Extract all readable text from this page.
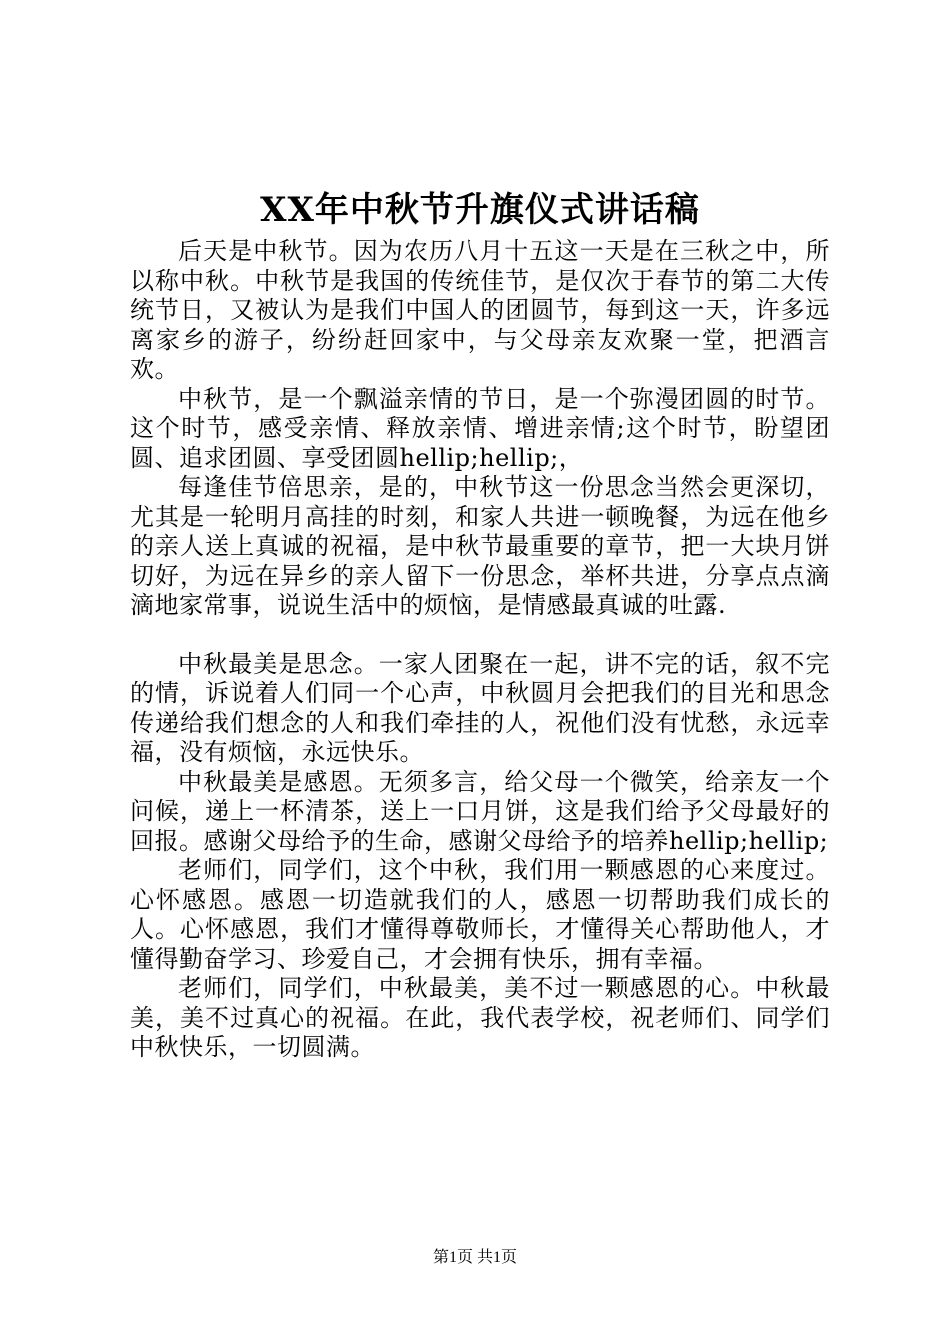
XX年中秋节升旗仪式讲话稿

后天是中秋节。因为农历八月十五这一天是在三秋之中，所以称中秋。中秋节是我国的传统佳节，是仅次于春节的第二大传统节日，又被认为是我们中国人的团圆节，每到这一天，许多远离家乡的游子，纷纷赶回家中，与父母亲友欢聚一堂，把酒言欢。

中秋节，是一个飘溢亲情的节日，是一个弥漫团圆的时节。这个时节，感受亲情、释放亲情、增进亲情;这个时节，盼望团圆、追求团圆、享受团圆hellip;hellip;，

每逢佳节倍思亲，是的，中秋节这一份思念当然会更深切，尤其是一轮明月高挂的时刻，和家人共进一顿晚餐，为远在他乡的亲人送上真诚的祝福，是中秋节最重要的章节，把一大块月饼切好，为远在异乡的亲人留下一份思念，举杯共进，分享点点滴滴地家常事，说说生活中的烦恼，是情感最真诚的吐露.

中秋最美是思念。一家人团聚在一起，讲不完的话，叙不完的情，诉说着人们同一个心声，中秋圆月会把我们的目光和思念传递给我们想念的人和我们牵挂的人，祝他们没有忧愁，永远幸福，没有烦恼，永远快乐。

中秋最美是感恩。无须多言，给父母一个微笑，给亲友一个问候，递上一杯清茶，送上一口月饼，这是我们给予父母最好的回报。感谢父母给予的生命，感谢父母给予的培养hellip;hellip;

老师们，同学们，这个中秋，我们用一颗感恩的心来度过。心怀感恩。感恩一切造就我们的人，感恩一切帮助我们成长的人。心怀感恩，我们才懂得尊敬师长，才懂得关心帮助他人，才懂得勤奋学习、珍爱自己，才会拥有快乐，拥有幸福。

老师们，同学们，中秋最美，美不过一颗感恩的心。中秋最美，美不过真心的祝福。在此，我代表学校，祝老师们、同学们中秋快乐，一切圆满。

第1页 共1页
